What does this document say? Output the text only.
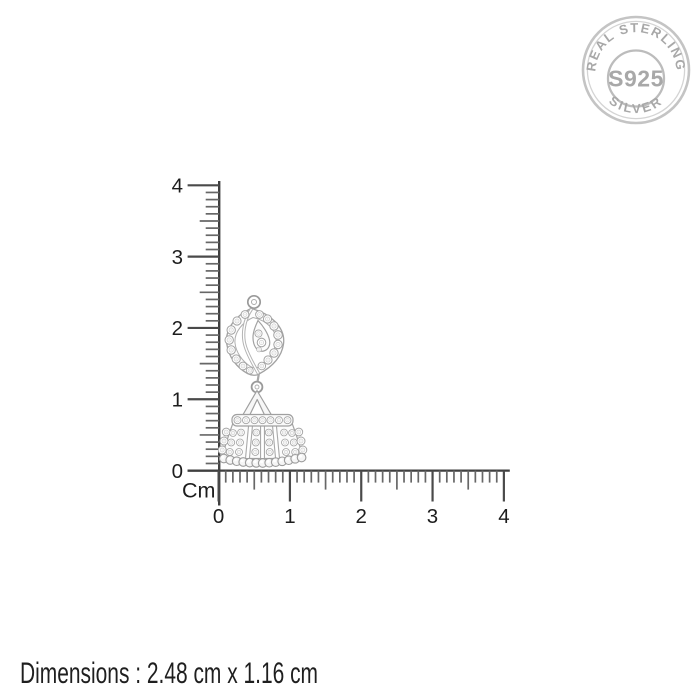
4
3
2
1
0
Cm
0	1	2	3	4
Dimensions : 2.48 cm x 1.16 cm
REAL STERLING
SILVER
S925
